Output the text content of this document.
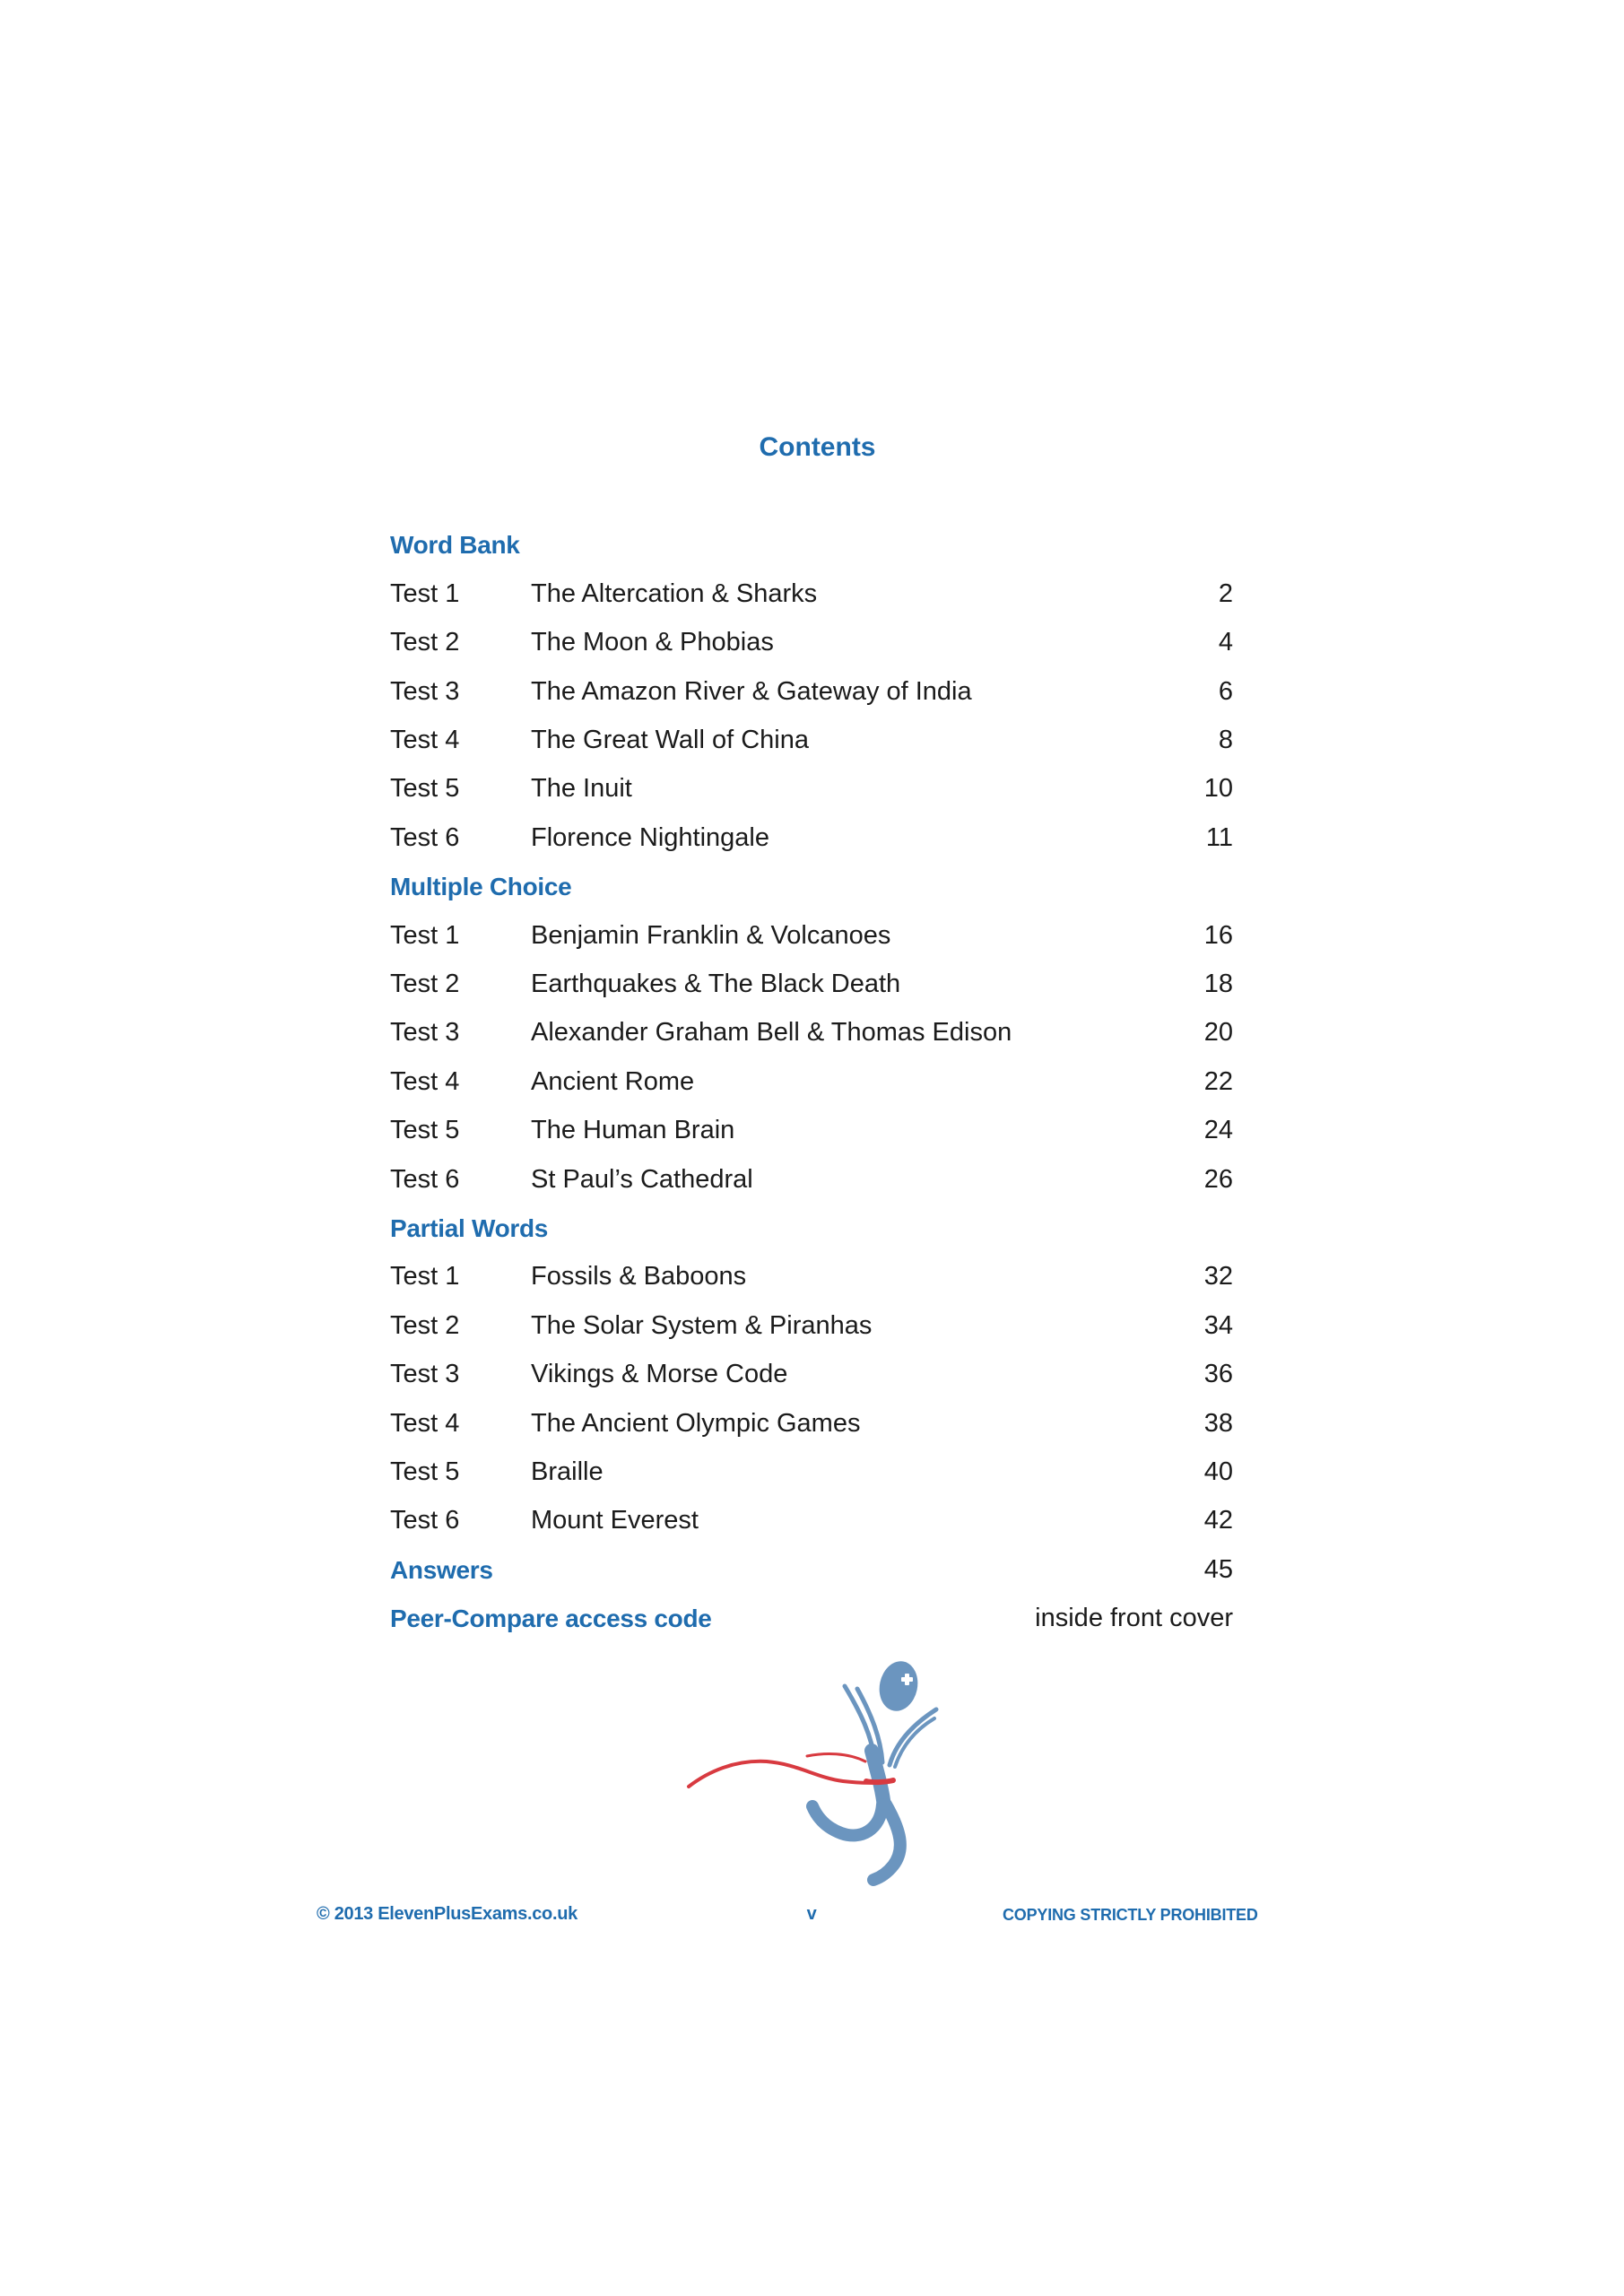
Contents
Word Bank
Test 1	The Altercation & Sharks	2
Test 2	The Moon & Phobias	4
Test 3	The Amazon River & Gateway of India	6
Test 4	The Great Wall of China	8
Test 5	The Inuit	10
Test 6	Florence Nightingale	11
Multiple Choice
Test 1	Benjamin Franklin & Volcanoes	16
Test 2	Earthquakes & The Black Death	18
Test 3	Alexander Graham Bell & Thomas Edison	20
Test 4	Ancient Rome	22
Test 5	The Human Brain	24
Test 6	St Paul’s Cathedral	26
Partial Words
Test 1	Fossils & Baboons	32
Test 2	The Solar System & Piranhas	34
Test 3	Vikings & Morse Code	36
Test 4	The Ancient Olympic Games	38
Test 5	Braille	40
Test 6	Mount Everest	42
Answers	45
Peer-Compare access code	inside front cover
© 2013 ElevenPlusExams.co.uk	v	COPYING STRICTLY PROHIBITED
